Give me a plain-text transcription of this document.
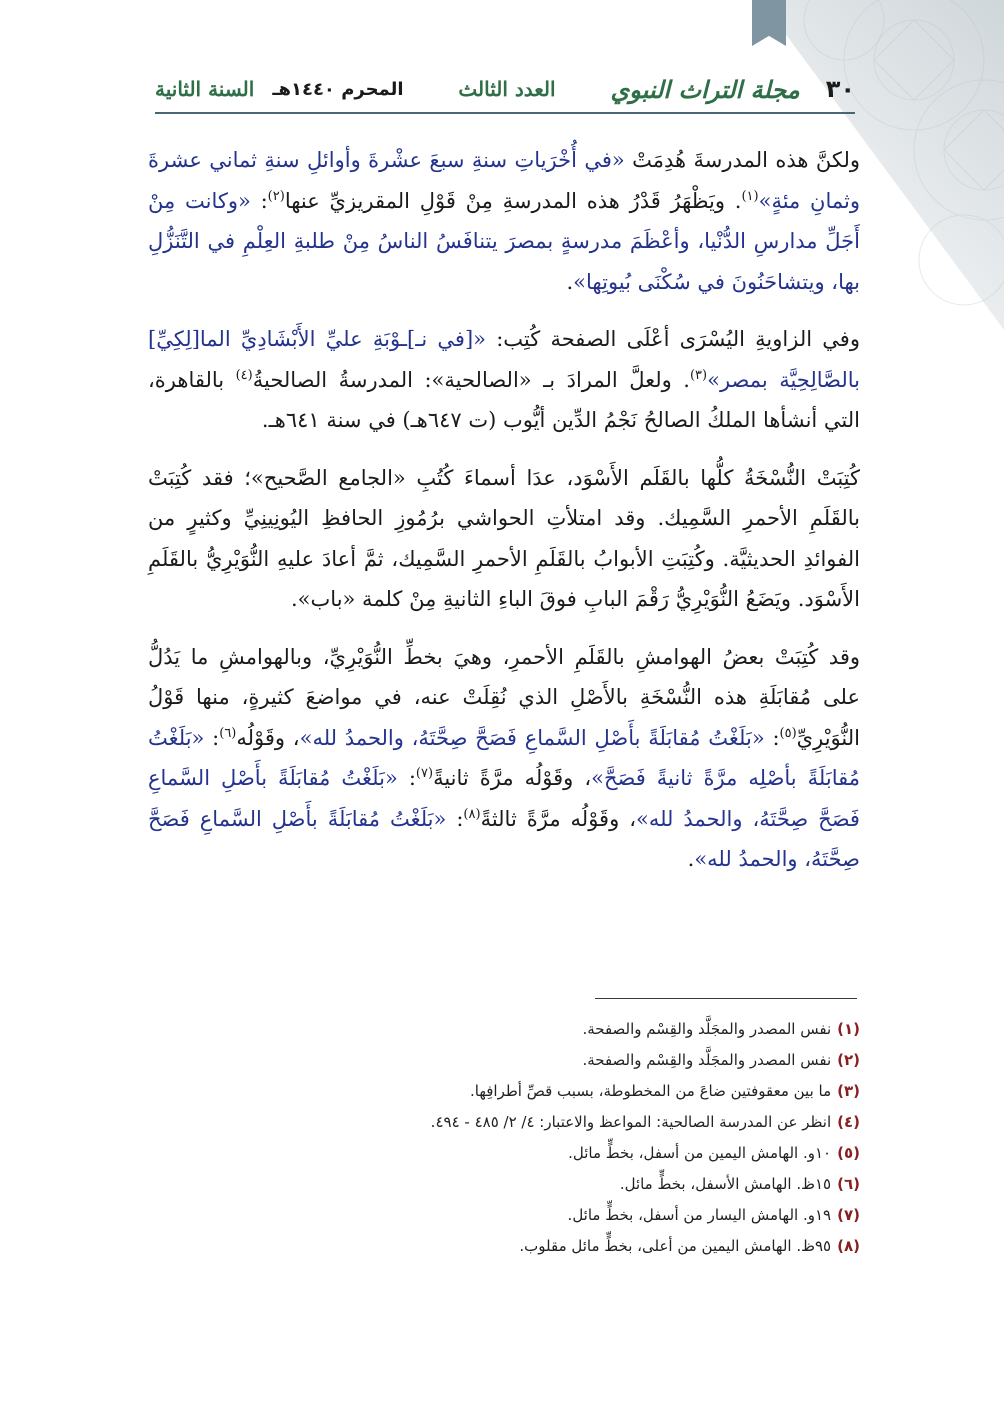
٣٠
مجلة التراث النبوي
العدد الثالث
المحرم ١٤٤٠هـ
السنة الثانية

ولكنَّ هذه المدرسةَ هُدِمَتْ «في أُخْرَياتِ سنةِ سبعَ عشْرةَ وأوائلِ سنةِ ثماني عشرةَ وثمانِ مئةٍ»$^{(١)}$. ويَظْهَرُ قَدْرُ هذه المدرسةِ مِنْ قَوْلِ المقريزيِّ عنها$^{(٢)}$: «وكانت مِنْ أَجَلِّ مدارسِ الدُّنْيا، وأعْظَمَ مدرسةٍ بمصرَ يتنافَسُ الناسُ مِنْ طلبةِ العِلْمِ في التَّنَزُّلِ بها، ويتشاحَنُونَ في سُكْنَى بُيوتِها».

وفي الزاويةِ اليُسْرَى أعْلَى الصفحة كُتِب: «[في نـ]ـوْبَةِ عليِّ الأَبْشَادِيِّ الما[لِكِيِّ] بالصَّالِحِيَّة بمصر»$^{(٣)}$. ولعلَّ المرادَ بـ «الصالحية»: المدرسةُ الصالحيةُ$^{(٤)}$ بالقاهرة، التي أنشأها الملكُ الصالحُ نَجْمُ الدِّين أيُّوب (ت ٦٤٧هـ) في سنة ٦٤١هـ.

كُتِبَتْ النُّسْخَةُ كلُّها بالقَلَم الأَسْوَد، عدَا أسماءَ كُتُبِ «الجامع الصَّحيح»؛ فقد كُتِبَتْ بالقَلَمِ الأحمرِ السَّمِيك. وقد امتلأتِ الحواشي برُمُوزِ الحافظِ اليُونِينِيِّ وكثيرٍ من الفوائدِ الحديثيَّة. وكُتِبَتِ الأبوابُ بالقَلَمِ الأحمرِ السَّمِيك، ثمَّ أعادَ عليهِ النُّوَيْرِيُّ بالقَلَمِ الأَسْوَد. ويَضَعُ النُّوَيْرِيُّ رَقْمَ البابِ فوقَ الباءِ الثانيةِ مِنْ كلمة «باب».

وقد كُتِبَتْ بعضُ الهوامشِ بالقَلَمِ الأحمرِ، وهيَ بخطِّ النُّوَيْرِيِّ، وبالهوامشِ ما يَدُلُّ على مُقابَلَةِ هذه النُّسْخَةِ بالأَصْلِ الذي نُقِلَتْ عنه، في مواضعَ كثيرةٍ، منها قَوْلُ النُّوَيْرِيِّ$^{(٥)}$: «بَلَغْتُ مُقابَلَةً بأَصْلِ السَّماعِ فَصَحَّ صِحَّتَهُ، والحمدُ لله»، وقَوْلُه$^{(٦)}$: «بَلَغْتُ مُقابَلَةً بأصْلِه مرَّةً ثانيةً فَصَحَّ»، وقَوْلُه مرَّةً ثانيةً$^{(٧)}$: «بَلَغْتُ مُقابَلَةً بأَصْلِ السَّماعِ فَصَحَّ صِحَّتَهُ، والحمدُ لله»، وقَوْلُه مرَّةً ثالثةً$^{(٨)}$: «بَلَغْتُ مُقابَلَةً بأَصْلِ السَّماعِ فَصَحَّ صِحَّتَهُ، والحمدُ لله».

(١)نفس المصدر والمجَلَّد والقِسْم والصفحة.
(٢)نفس المصدر والمجَلَّد والقِسْم والصفحة.
(٣)ما بين معقوفتين ضاعَ من المخطوطة، بسبب قصِّ أطرافِها.
(٤)انظر عن المدرسة الصالحية: المواعظ والاعتبار: ٤/ ٢/ ٤٨٥ - ٤٩٤.
(٥)١٠و. الهامش اليمين من أسفل، بخطٍّ مائل.
(٦)١٥ظ. الهامش الأسفل، بخطٍّ مائل.
(٧)١٩و. الهامش اليسار من أسفل، بخطٍّ مائل.
(٨)٩٥ظ. الهامش اليمين من أعلى، بخطٍّ مائل مقلوب.
